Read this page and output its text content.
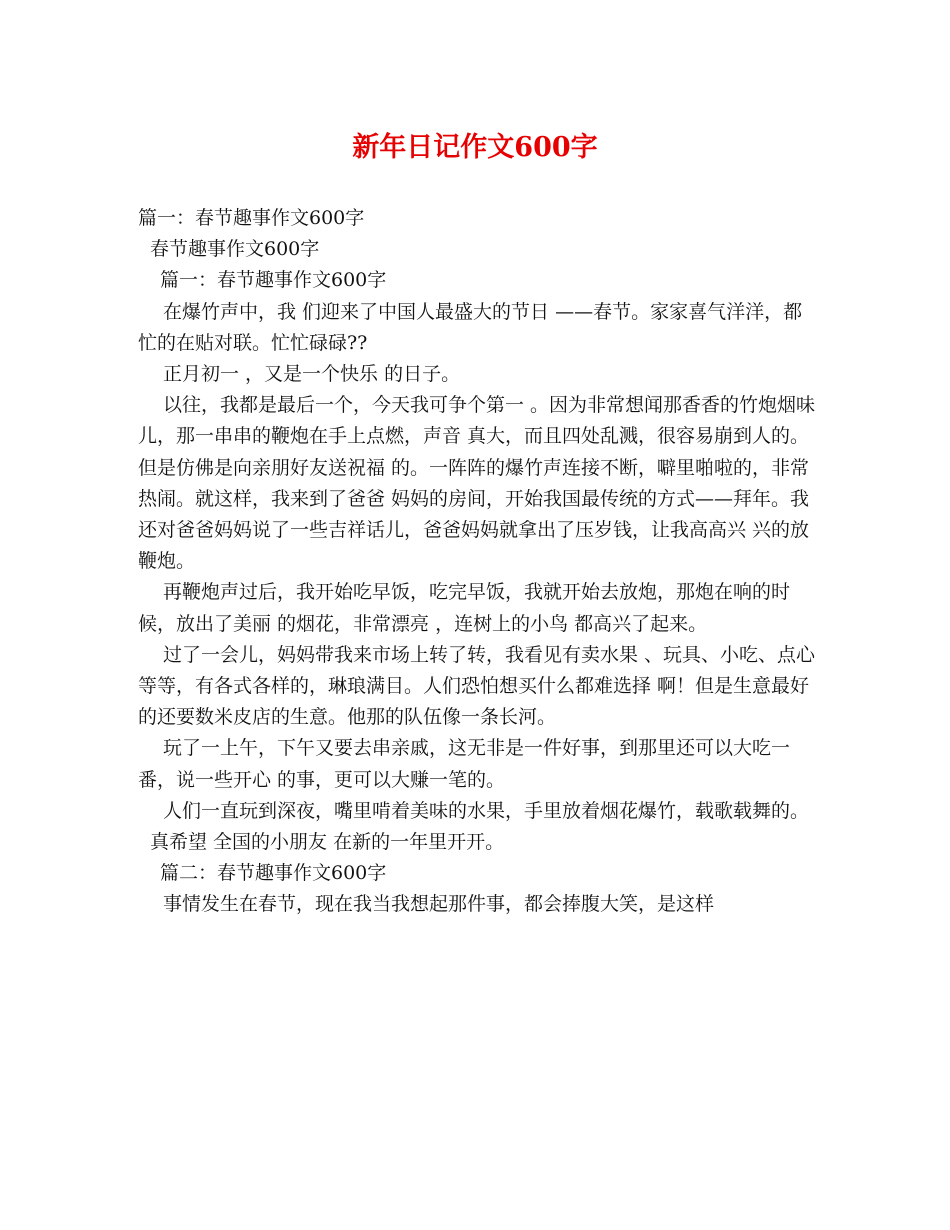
新年日记作文600字

篇一：春节趣事作文600字

春节趣事作文600字

篇一：春节趣事作文600字

在爆竹声中，我 们迎来了中国人最盛大的节日 ——春节。家家喜气洋洋，都忙的在贴对联。忙忙碌碌??

正月初一 ，又是一个快乐 的日子。

以往，我都是最后一个，今天我可争个第一 。因为非常想闻那香香的竹炮烟味儿，那一串串的鞭炮在手上点燃，声音 真大，而且四处乱溅，很容易崩到人的。但是仿佛是向亲朋好友送祝福 的。一阵阵的爆竹声连接不断，噼里啪啦的，非常热闹。就这样，我来到了爸爸 妈妈的房间，开始我国最传统的方式——拜年。我还对爸爸妈妈说了一些吉祥话儿，爸爸妈妈就拿出了压岁钱，让我高高兴 兴的放鞭炮。

再鞭炮声过后，我开始吃早饭，吃完早饭，我就开始去放炮，那炮在响的时候，放出了美丽 的烟花，非常漂亮 ，连树上的小鸟 都高兴了起来。

过了一会儿，妈妈带我来市场上转了转，我看见有卖水果 、玩具、小吃、点心等等，有各式各样的，琳琅满目。人们恐怕想买什么都难选择 啊！但是生意最好的还要数米皮店的生意。他那的队伍像一条长河。

玩了一上午，下午又要去串亲戚，这无非是一件好事，到那里还可以大吃一番，说一些开心 的事，更可以大赚一笔的。

人们一直玩到深夜，嘴里啃着美味的水果，手里放着烟花爆竹，载歌载舞的。

真希望 全国的小朋友 在新的一年里开开。

篇二：春节趣事作文600字

事情发生在春节，现在我当我想起那件事，都会捧腹大笑，是这样
